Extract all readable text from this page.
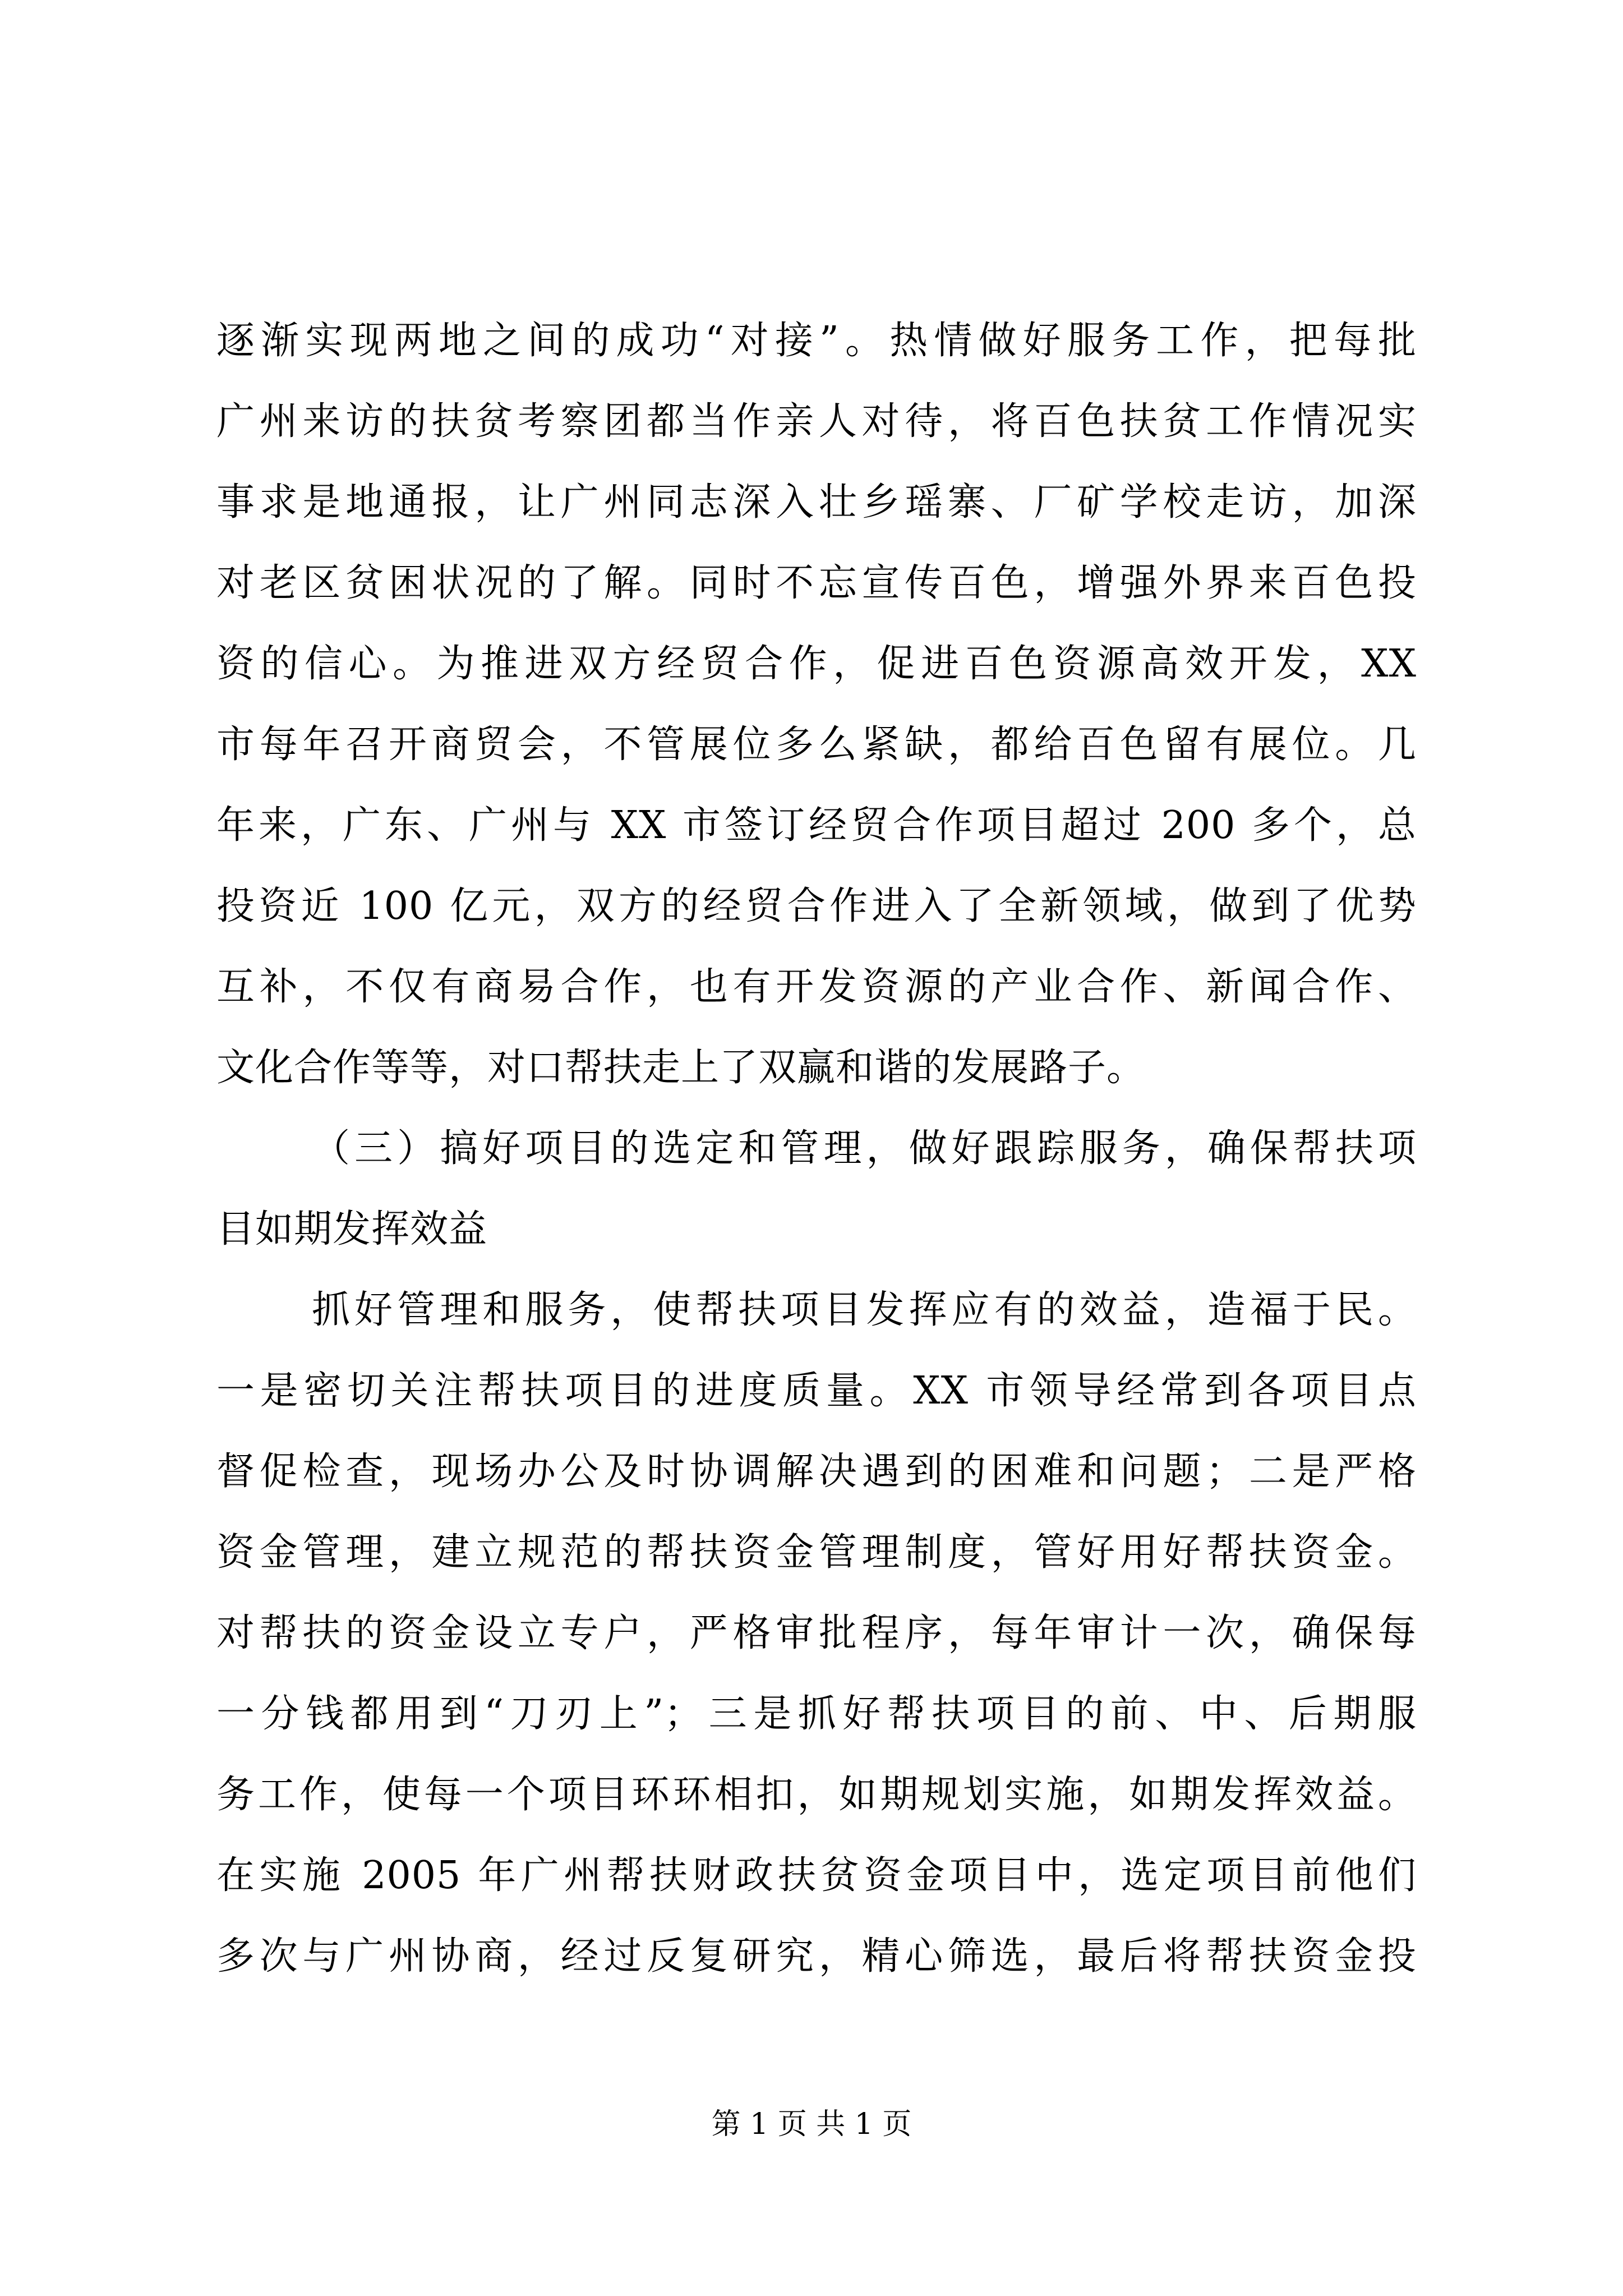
逐渐实现两地之间的成功“对接”。热情做好服务工作，把每批
广州来访的扶贫考察团都当作亲人对待，将百色扶贫工作情况实
事求是地通报，让广州同志深入壮乡瑶寨、厂矿学校走访，加深
对老区贫困状况的了解。同时不忘宣传百色，增强外界来百色投
资的信心。为推进双方经贸合作，促进百色资源高效开发，XX
市每年召开商贸会，不管展位多么紧缺，都给百色留有展位。几
年来，广东、广州与 XX 市签订经贸合作项目超过 200 多个，总
投资近 100 亿元，双方的经贸合作进入了全新领域，做到了优势
互补，不仅有商易合作，也有开发资源的产业合作、新闻合作、
文化合作等等，对口帮扶走上了双赢和谐的发展路子。
（三）搞好项目的选定和管理，做好跟踪服务，确保帮扶项
目如期发挥效益
抓好管理和服务，使帮扶项目发挥应有的效益，造福于民。
一是密切关注帮扶项目的进度质量。XX 市领导经常到各项目点
督促检查，现场办公及时协调解决遇到的困难和问题；二是严格
资金管理，建立规范的帮扶资金管理制度，管好用好帮扶资金。
对帮扶的资金设立专户，严格审批程序，每年审计一次，确保每
一分钱都用到“刀刃上”；三是抓好帮扶项目的前、中、后期服
务工作，使每一个项目环环相扣，如期规划实施，如期发挥效益。
在实施 2005 年广州帮扶财政扶贫资金项目中，选定项目前他们
多次与广州协商，经过反复研究，精心筛选，最后将帮扶资金投
第 1 页 共 1 页
